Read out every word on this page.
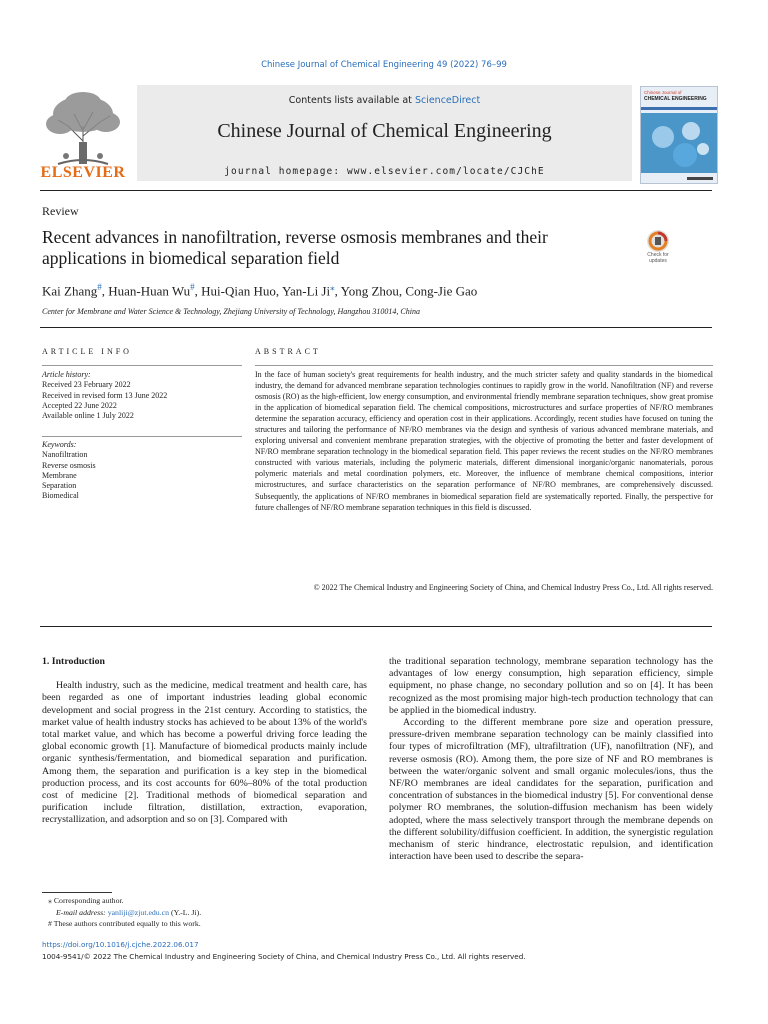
Chinese Journal of Chemical Engineering 49 (2022) 76–99
Contents lists available at ScienceDirect
Chinese Journal of Chemical Engineering
journal homepage: www.elsevier.com/locate/CJChE
ELSEVIER
Chinese Journal of
CHEMICAL ENGINEERING
Review
Recent advances in nanofiltration, reverse osmosis membranes and their
applications in biomedical separation field	Check for
updates
Kai Zhang#, Huan-Huan Wu#, Hui-Qian Huo, Yan-Li Ji⁎, Yong Zhou, Cong-Jie Gao
Center for Membrane and Water Science & Technology, Zhejiang University of Technology, Hangzhou 310014, China
ARTICLE INFO	ABSTRACT
Article history:
Received 23 February 2022
Received in revised form 13 June 2022
Accepted 22 June 2022
Available online 1 July 2022
Keywords:
Nanofiltration
Reverse osmosis
Membrane
Separation
Biomedical
In the face of human society's great requirements for health industry, and the much stricter safety and quality standards in the biomedical industry, the demand for advanced membrane separation technologies continues to rapidly grow in the world. Nanofiltration (NF) and reverse osmosis (RO) as the high-efficient, low energy consumption, and environmental friendly membrane separation techniques, show great promise in the application of biomedical separation field. The chemical compositions, microstructures and surface properties of NF/RO membranes determine the separation accuracy, efficiency and operation cost in their applications. Accordingly, recent studies have focused on tuning the structures and tailoring the performance of NF/RO membranes via the design and synthesis of various advanced membrane materials, and exploring universal and convenient membrane preparation strategies, with the objective of promoting the better and faster development of NF/RO membrane separation technology in the biomedical separation field. This paper reviews the recent studies on the NF/RO membranes constructed with various materials, including the polymeric materials, different dimensional inorganic/organic nanomaterials, porous polymeric materials and metal coordination polymers, etc. Moreover, the influence of membrane chemical compositions, interior microstructures, and surface characteristics on the separation performance of NF/RO membranes, are comprehensively discussed. Subsequently, the applications of NF/RO membranes in biomedical separation field are systematically reported. Finally, the perspective for future challenges of NF/RO membrane separation techniques in this field is discussed.
© 2022 The Chemical Industry and Engineering Society of China, and Chemical Industry Press Co., Ltd. All rights reserved.
1. Introduction

Health industry, such as the medicine, medical treatment and health care, has been regarded as one of important industries leading global economic development and social progress in the 21st century. According to statistics, the market value of health industry stocks has achieved to be about 13% of the world's total market value, and which has become a powerful driving force leading the global economic growth [1]. Manufacture of biomedical products mainly include organic synthesis/fermentation, and biomedical separation and purification. Among them, the separation and purification is a key step in the biomedical production process, and its cost accounts for 60%–80% of the total production cost of medicine [2]. Traditional methods of biomedical separation and purification include filtration, distillation, extraction, evaporation, recrystallization, and adsorption and so on [3]. Compared with

the traditional separation technology, membrane separation technology has the advantages of low energy consumption, high separation efficiency, simple equipment, no phase change, no secondary pollution and so on [4]. It has been recognized as the most promising major high-tech production technology that can be applied in the biomedical industry.

According to the different membrane pore size and operation pressure, pressure-driven membrane separation technology can be mainly classified into four types of microfiltration (MF), ultrafiltration (UF), nanofiltration (NF), and reverse osmosis (RO). Among them, the pore size of NF and RO membranes is between the water/organic solvent and small organic molecules/ions, thus the NF/RO membranes are ideal candidates for the separation, purification and concentration of substances in the biomedical industry [5]. For conventional dense polymer RO membranes, the solution-diffusion mechanism has been widely adopted, where the mass selectively transport through the membrane depends on the different solubility/diffusion coefficient. In addition, the synergistic regulation mechanism of steric hindrance, electrostatic repulsion, and identification interaction have been used to describe the separa-

⁎ Corresponding author.
E-mail address: yanliji@zjut.edu.cn (Y.-L. Ji).
# These authors contributed equally to this work.
https://doi.org/10.1016/j.cjche.2022.06.017
1004-9541/© 2022 The Chemical Industry and Engineering Society of China, and Chemical Industry Press Co., Ltd. All rights reserved.
